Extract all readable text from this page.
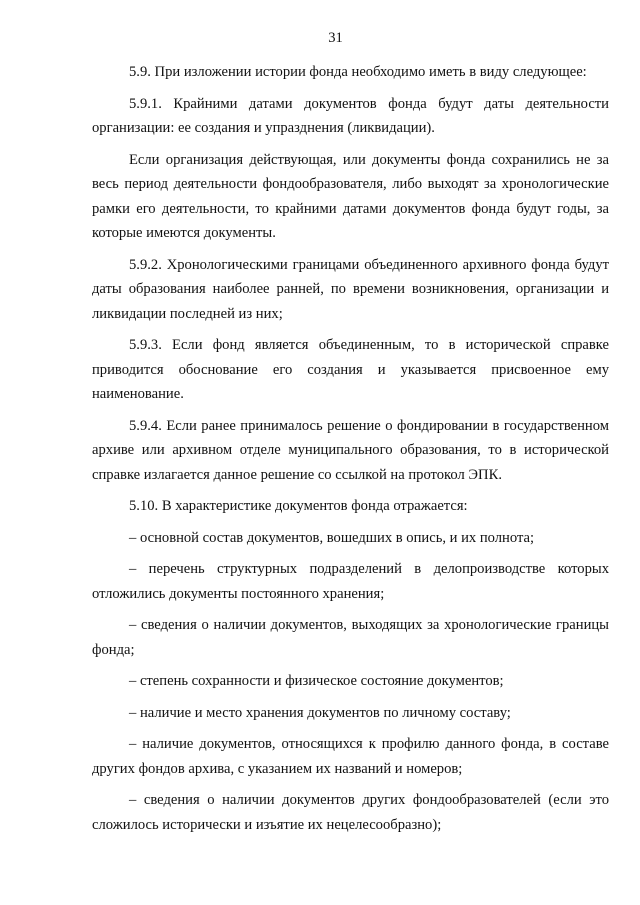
31

5.9. При изложении истории фонда необходимо иметь в виду следующее:

5.9.1. Крайними датами документов фонда будут даты деятельности организации: ее создания и упразднения (ликвидации).

Если организация действующая, или документы фонда сохранились не за весь период деятельности фондообразователя, либо выходят за хронологические рамки его деятельности, то крайними датами документов фонда будут годы, за которые имеются документы.

5.9.2. Хронологическими границами объединенного архивного фонда будут даты образования наиболее ранней, по времени возникновения, организации и ликвидации последней из них;

5.9.3. Если фонд является объединенным, то в исторической справке приводится обоснование его создания и указывается присвоенное ему наименование.

5.9.4. Если ранее принималось решение о фондировании в государственном архиве или архивном отделе муниципального образования, то в исторической справке излагается данное решение со ссылкой на протокол ЭПК.

5.10. В характеристике документов фонда отражается:

– основной состав документов, вошедших в опись, и их полнота;

– перечень структурных подразделений в делопроизводстве которых отложились документы постоянного хранения;

– сведения о наличии документов, выходящих за хронологические границы фонда;

– степень сохранности и физическое состояние документов;

– наличие и место хранения документов по личному составу;

– наличие документов, относящихся к профилю данного фонда, в составе других фондов архива, с указанием их названий и номеров;

– сведения о наличии документов других фондообразователей (если это сложилось исторически и изъятие их нецелесообразно);
